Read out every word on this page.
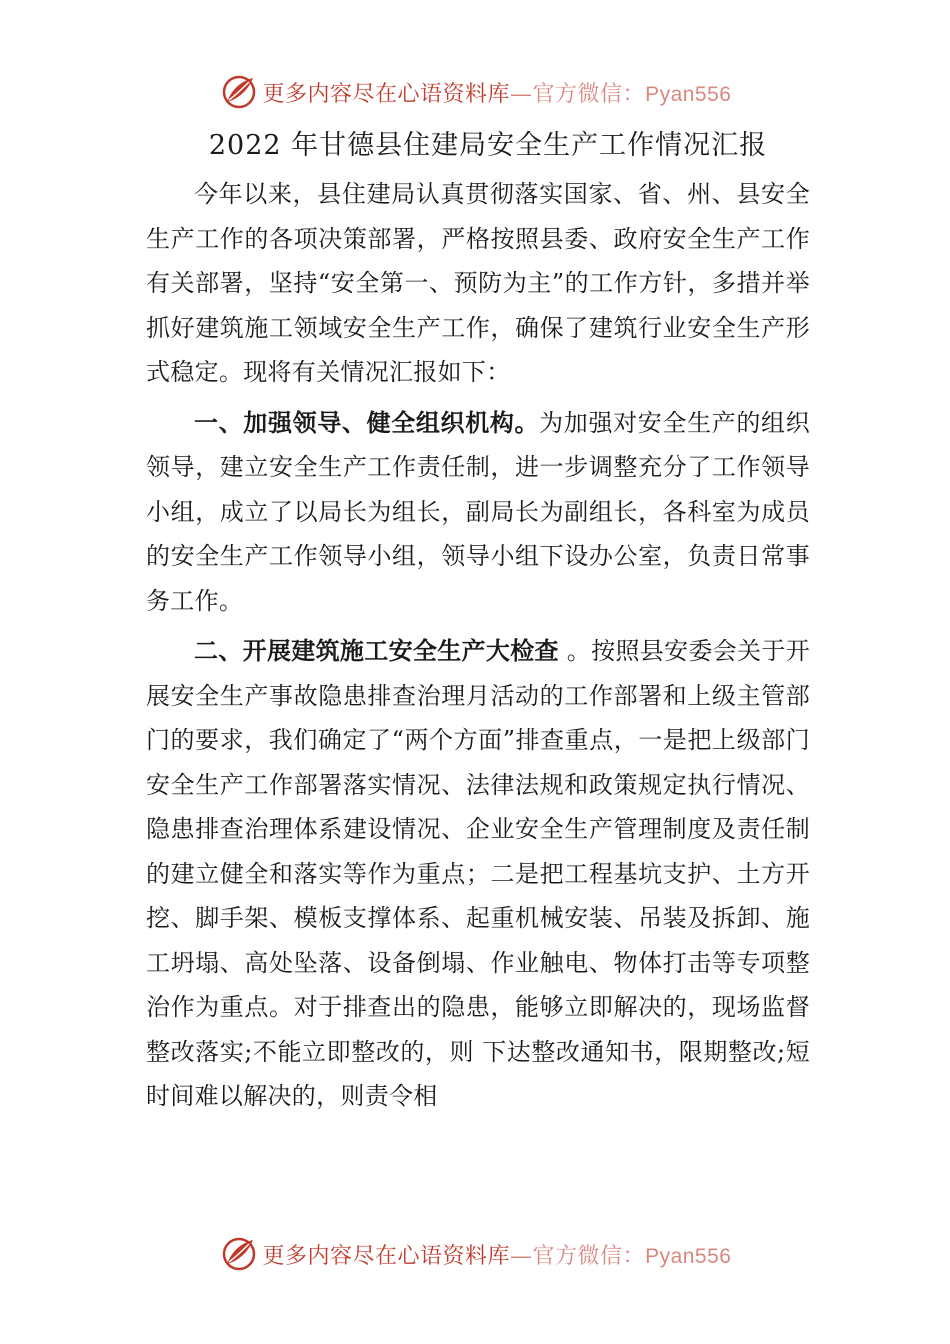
更多内容尽在心语资料库—官方微信：Pyan556
2022 年甘德县住建局安全生产工作情况汇报

今年以来，县住建局认真贯彻落实国家、省、州、县安全生产工作的各项决策部署，严格按照县委、政府安全生产工作有关部署，坚持“安全第一、预防为主”的工作方针，多措并举抓好建筑施工领域安全生产工作，确保了建筑行业安全生产形式稳定。现将有关情况汇报如下：

一、加强领导、健全组织机构。为加强对安全生产的组织领导，建立安全生产工作责任制，进一步调整充分了工作领导小组，成立了以局长为组长，副局长为副组长，各科室为成员的安全生产工作领导小组，领导小组下设办公室，负责日常事务工作。

二、开展建筑施工安全生产大检查 。按照县安委会关于开展安全生产事故隐患排查治理月活动的工作部署和上级主管部门的要求，我们确定了“两个方面”排查重点，一是把上级部门安全生产工作部署落实情况、法律法规和政策规定执行情况、隐患排查治理体系建设情况、企业安全生产管理制度及责任制的建立健全和落实等作为重点；二是把工程基坑支护、土方开挖、脚手架、模板支撑体系、起重机械安装、吊装及拆卸、施工坍塌、高处坠落、设备倒塌、作业触电、物体打击等专项整治作为重点。对于排查出的隐患，能够立即解决的，现场监督整改落实;不能立即整改的，则 下达整改通知书，限期整改;短时间难以解决的，则责令相

更多内容尽在心语资料库—官方微信：Pyan556
